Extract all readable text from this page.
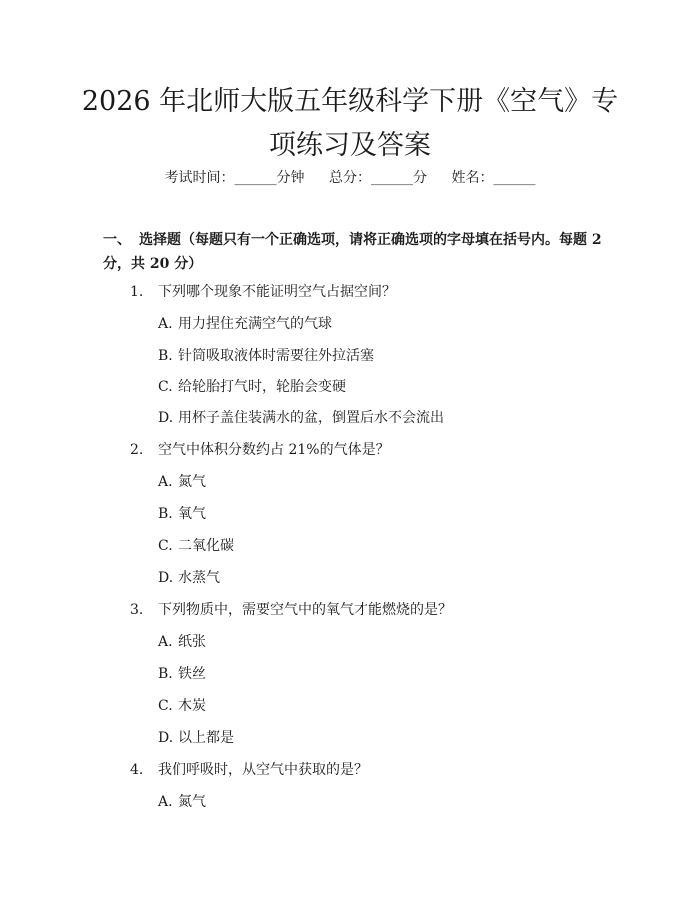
2026 年北师大版五年级科学下册《空气》专
项练习及答案
考试时间：______分钟 总分：______分 姓名：______
一、 选择题（每题只有一个正确选项，请将正确选项的字母填在括号内。每题 2 分，共 20 分）
1. 下列哪个现象不能证明空气占据空间？
A. 用力捏住充满空气的气球
B. 针筒吸取液体时需要往外拉活塞
C. 给轮胎打气时，轮胎会变硬
D. 用杯子盖住装满水的盆，倒置后水不会流出
2. 空气中体积分数约占 21%的气体是？
A. 氮气
B. 氧气
C. 二氧化碳
D. 水蒸气
3. 下列物质中，需要空气中的氧气才能燃烧的是？
A. 纸张
B. 铁丝
C. 木炭
D. 以上都是
4. 我们呼吸时，从空气中获取的是？
A. 氮气
